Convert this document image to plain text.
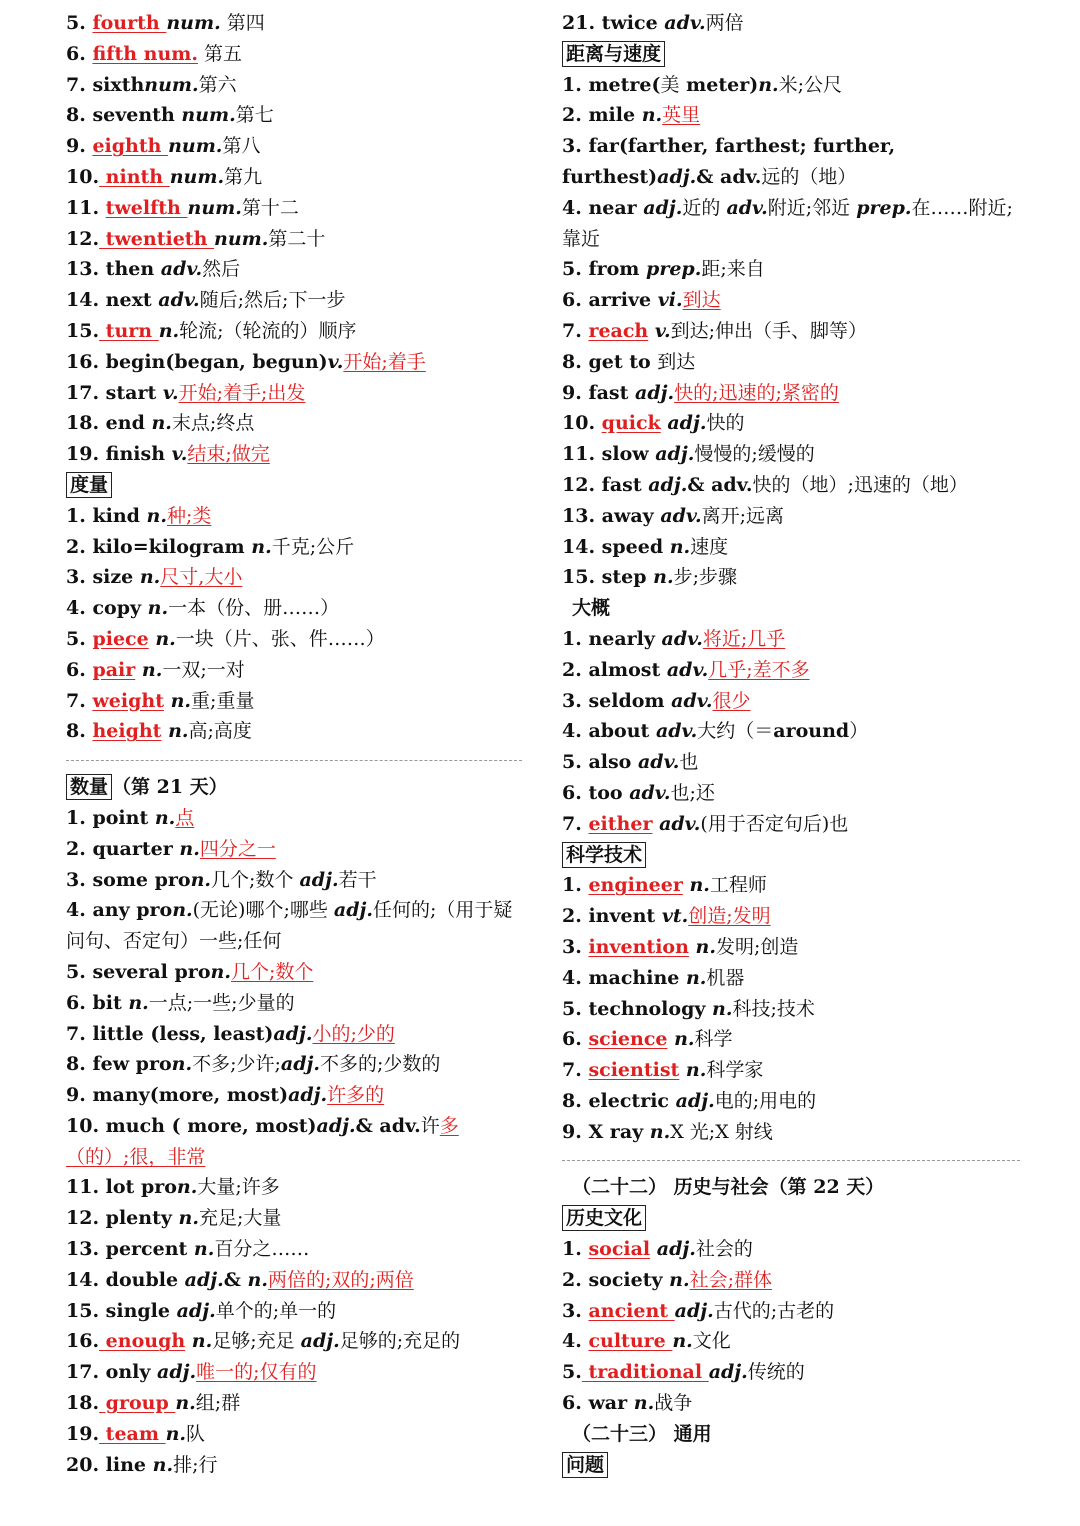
5. fourth num. 第四
6. fifth num. 第五
7. sixthnum.第六
8. seventh num.第七
9. eighth num.第八
10. ninth num.第九
11. twelfth num.第十二
12. twentieth num.第二十
13. then adv.然后
14. next adv.随后;然后;下一步
15. turn n.轮流;（轮流的）顺序
16. begin(began, begun)v.开始;着手
17. start v.开始;着手;出发
18. end n.末点;终点
19. finish v.结束;做完
度量
1. kind n.种;类
2. kilo=kilogram n.千克;公斤
3. size n.尺寸,大小
4. copy n.一本（份、册……）
5. piece n.一块（片、张、件……）
6. pair n.一双;一对
7. weight n.重;重量
8. height n.高;高度
数量 （第 21 天）
1. point n.点
2. quarter n.四分之一
3. some pron.几个;数个 adj.若干
4. any pron.(无论)哪个;哪些 adj.任何的;（用于疑问句、否定句）一些;任何
5. several pron.几个;数个
6. bit n.一点;一些;少量的
7. little (less, least)adj.小的;少的
8. few pron.不多;少许;adj.不多的;少数的
9. many(more, most)adj.许多的
10. much ( more, most)adj.& adv.许多（的）;很，非常
11. lot pron.大量;许多
12. plenty n.充足;大量
13. percent n.百分之……
14. double adj.& n.两倍的;双的;两倍
15. single adj.单个的;单一的
16. enough n.足够;充足 adj.足够的;充足的
17. only adj.唯一的;仅有的
18. group n.组;群
19. team n.队
20. line n.排;行
21. twice adv.两倍
距离与速度
1. metre(美 meter)n.米;公尺
2. mile n.英里
3. far(farther, farthest; further, furthest)adj.& adv.远的（地）
4. near adj.近的 adv.附近;邻近 prep.在……附近;靠近
5. from prep.距;来自
6. arrive vi.到达
7. reach v.到达;伸出（手、脚等）
8. get to 到达
9. fast adj.快的;迅速的;紧密的
10. quick adj.快的
11. slow adj.慢慢的;缓慢的
12. fast adj.& adv.快的（地）;迅速的（地）
13. away adv.离开;远离
14. speed n.速度
15. step n.步;步骤
大概
1. nearly adv.将近;几乎
2. almost adv.几乎;差不多
3. seldom adv.很少
4. about adv.大约（＝around）
5. also adv.也
6. too adv.也;还
7. either adv.(用于否定句后)也
科学技术
1. engineer n.工程师
2. invent vt.创造;发明
3. invention n.发明;创造
4. machine n.机器
5. technology n.科技;技术
6. science n.科学
7. scientist n.科学家
8. electric adj.电的;用电的
9. X ray n.X 光;X 射线
（二十二） 历史与社会（第 22 天）
历史文化
1. social adj.社会的
2. society n.社会;群体
3. ancient adj.古代的;古老的
4. culture n.文化
5. traditional adj.传统的
6. war n.战争
（二十三） 通用
问题
